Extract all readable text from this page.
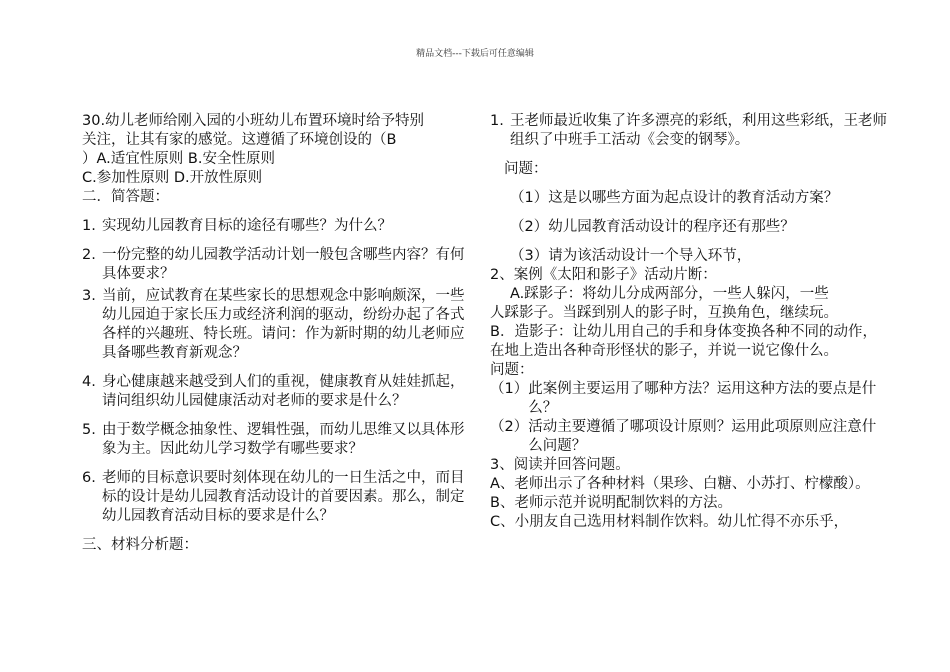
精品文档---下载后可任意编辑

30.幼儿老师给刚入园的小班幼儿布置环境时给予特别

关注，让其有家的感觉。这遵循了环境创设的（B

）A.适宜性原则 B.安全性原则

C.参加性原则 D.开放性原则

二．简答题：

1. 实现幼儿园教育目标的途径有哪些？为什么？
2. 一份完整的幼儿园教学活动计划一般包含哪些内容？有何具体要求？
3. 当前，应试教育在某些家长的思想观念中影响颇深，一些幼儿园迫于家长压力或经济利润的驱动，纷纷办起了各式各样的兴趣班、特长班。请问：作为新时期的幼儿老师应具备哪些教育新观念？
4. 身心健康越来越受到人们的重视，健康教育从娃娃抓起，请问组织幼儿园健康活动对老师的要求是什么？
5. 由于数学概念抽象性、逻辑性强，而幼儿思维又以具体形象为主。因此幼儿学习数学有哪些要求？
6. 老师的目标意识要时刻体现在幼儿的一日生活之中，而目标的设计是幼儿园教育活动设计的首要因素。那么，制定幼儿园教育活动目标的要求是什么？

三、材料分析题：

1. 王老师最近收集了许多漂亮的彩纸，利用这些彩纸，王老师组织了中班手工活动《会变的钢琴》。

问题：

（1）这是以哪些方面为起点设计的教育活动方案？

（2）幼儿园教育活动设计的程序还有那些？

（3）请为该活动设计一个导入环节，

2、案例《太阳和影子》活动片断：

A.踩影子：将幼儿分成两部分，一些人躲闪，一些

人踩影子。当踩到别人的影子时，互换角色，继续玩。

B．造影子：让幼儿用自己的手和身体变换各种不同的动作，在地上造出各种奇形怪状的影子，并说一说它像什么。

问题：

（1） 此案例主要运用了哪种方法？运用这种方法的要点是什么？
（2） 活动主要遵循了哪项设计原则？运用此项原则应注意什么问题？

3、阅读并回答问题。

A、老师出示了各种材料（果珍、白糖、小苏打、柠檬酸）。

B、老师示范并说明配制饮料的方法。

C、小朋友自己选用材料制作饮料。幼儿忙得不亦乐乎，
